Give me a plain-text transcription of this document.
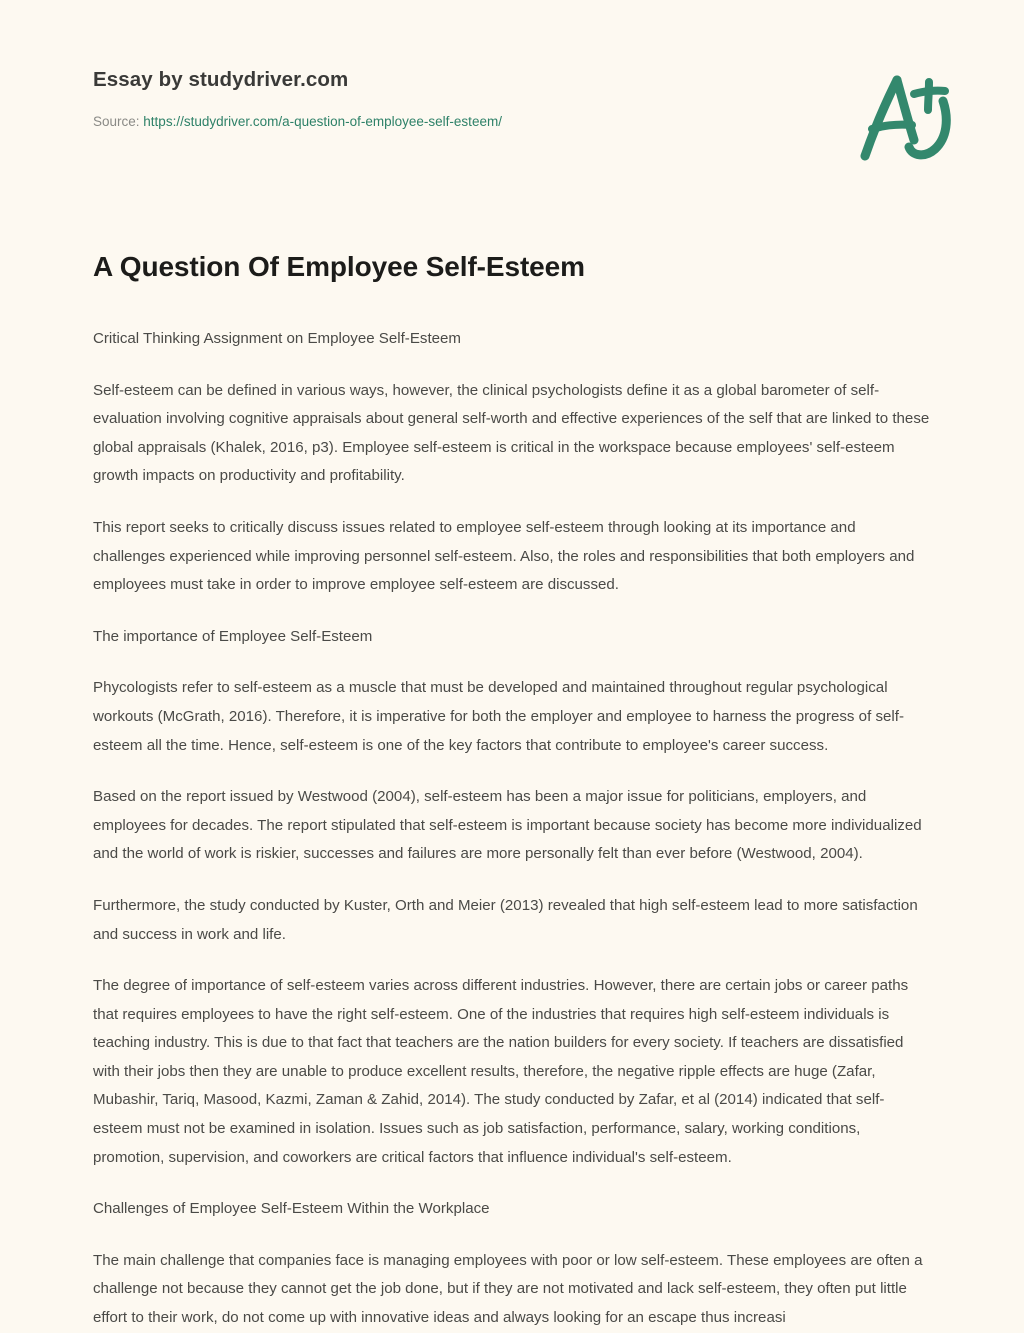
Essay by studydriver.com
Source: https://studydriver.com/a-question-of-employee-self-esteem/
A Question Of Employee Self-Esteem

Critical Thinking Assignment on Employee Self-Esteem

Self-esteem can be defined in various ways, however, the clinical psychologists define it as a global barometer of self-evaluation involving cognitive appraisals about general self-worth and effective experiences of the self that are linked to these global appraisals (Khalek, 2016, p3). Employee self-esteem is critical in the workspace because employees' self-esteem growth impacts on productivity and profitability.

This report seeks to critically discuss issues related to employee self-esteem through looking at its importance and challenges experienced while improving personnel self-esteem. Also, the roles and responsibilities that both employers and employees must take in order to improve employee self-esteem are discussed.

The importance of Employee Self-Esteem

Phycologists refer to self-esteem as a muscle that must be developed and maintained throughout regular psychological workouts (McGrath, 2016). Therefore, it is imperative for both the employer and employee to harness the progress of self-esteem all the time. Hence, self-esteem is one of the key factors that contribute to employee's career success.

Based on the report issued by Westwood (2004), self-esteem has been a major issue for politicians, employers, and employees for decades. The report stipulated that self-esteem is important because society has become more individualized and the world of work is riskier, successes and failures are more personally felt than ever before (Westwood, 2004).

Furthermore, the study conducted by Kuster, Orth and Meier (2013) revealed that high self-esteem lead to more satisfaction and success in work and life.

The degree of importance of self-esteem varies across different industries. However, there are certain jobs or career paths that requires employees to have the right self-esteem. One of the industries that requires high self-esteem individuals is teaching industry. This is due to that fact that teachers are the nation builders for every society. If teachers are dissatisfied with their jobs then they are unable to produce excellent results, therefore, the negative ripple effects are huge (Zafar, Mubashir, Tariq, Masood, Kazmi, Zaman & Zahid, 2014). The study conducted by Zafar, et al (2014) indicated that self-esteem must not be examined in isolation. Issues such as job satisfaction, performance, salary, working conditions, promotion, supervision, and coworkers are critical factors that influence individual's self-esteem.

Challenges of Employee Self-Esteem Within the Workplace

The main challenge that companies face is managing employees with poor or low self-esteem. These employees are often a challenge not because they cannot get the job done, but if they are not motivated and lack self-esteem, they often put little effort to their work, do not come up with innovative ideas and always looking for an escape thus increasi
